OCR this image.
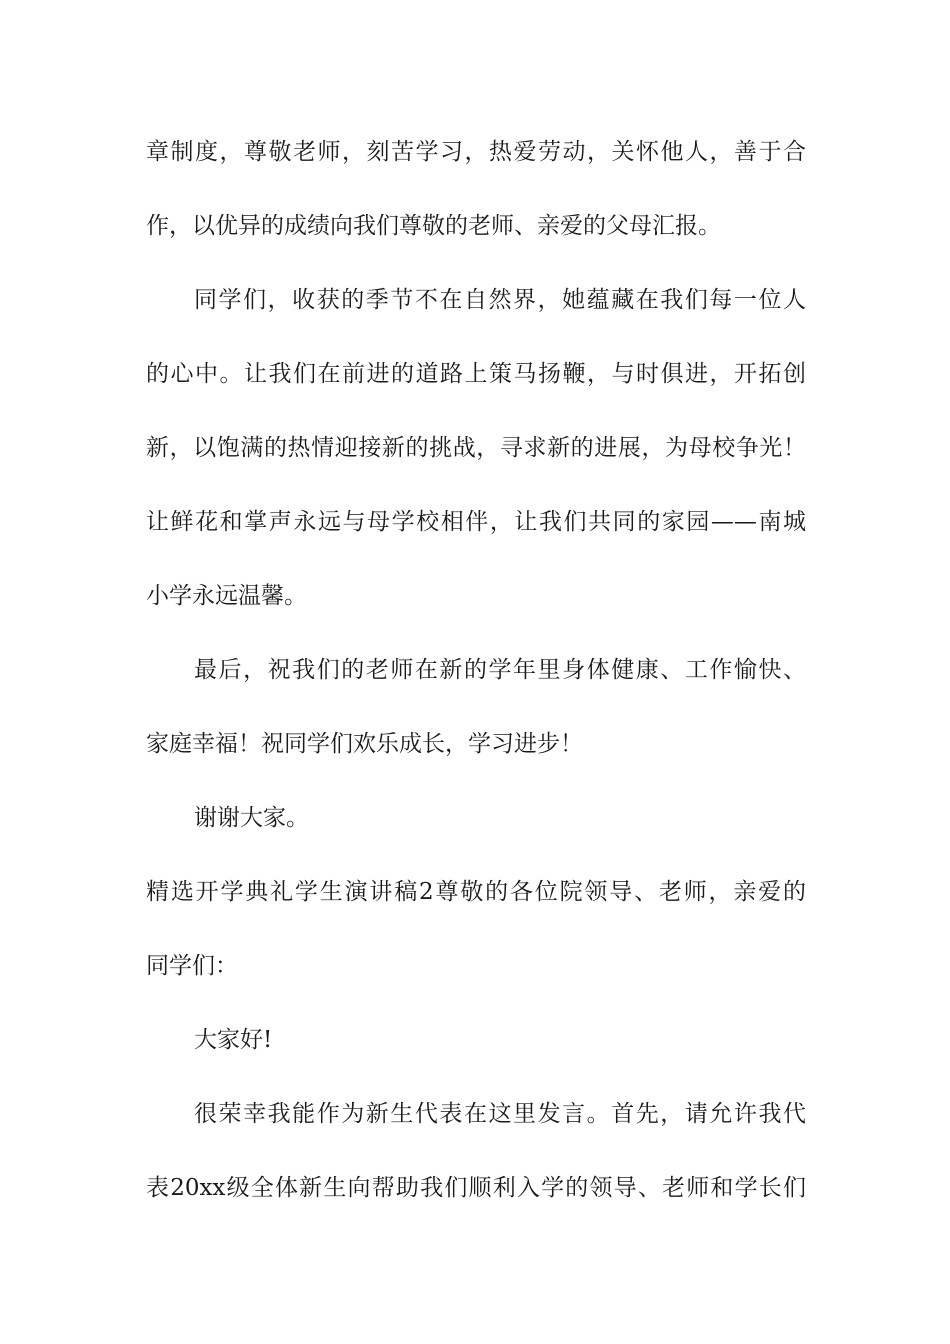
章制度，尊敬老师，刻苦学习，热爱劳动，关怀他人，善于合
作，以优异的成绩向我们尊敬的老师、亲爱的父母汇报。
同学们，收获的季节不在自然界，她蕴藏在我们每一位人
的心中。让我们在前进的道路上策马扬鞭，与时俱进，开拓创
新，以饱满的热情迎接新的挑战，寻求新的进展，为母校争光！
让鲜花和掌声永远与母学校相伴，让我们共同的家园——南城
小学永远温馨。
最后，祝我们的老师在新的学年里身体健康、工作愉快、
家庭幸福！祝同学们欢乐成长，学习进步！
谢谢大家。
精选开学典礼学生演讲稿2尊敬的各位院领导、老师，亲爱的
同学们：
大家好!
很荣幸我能作为新生代表在这里发言。首先，请允许我代
表20xx级全体新生向帮助我们顺利入学的领导、老师和学长们
